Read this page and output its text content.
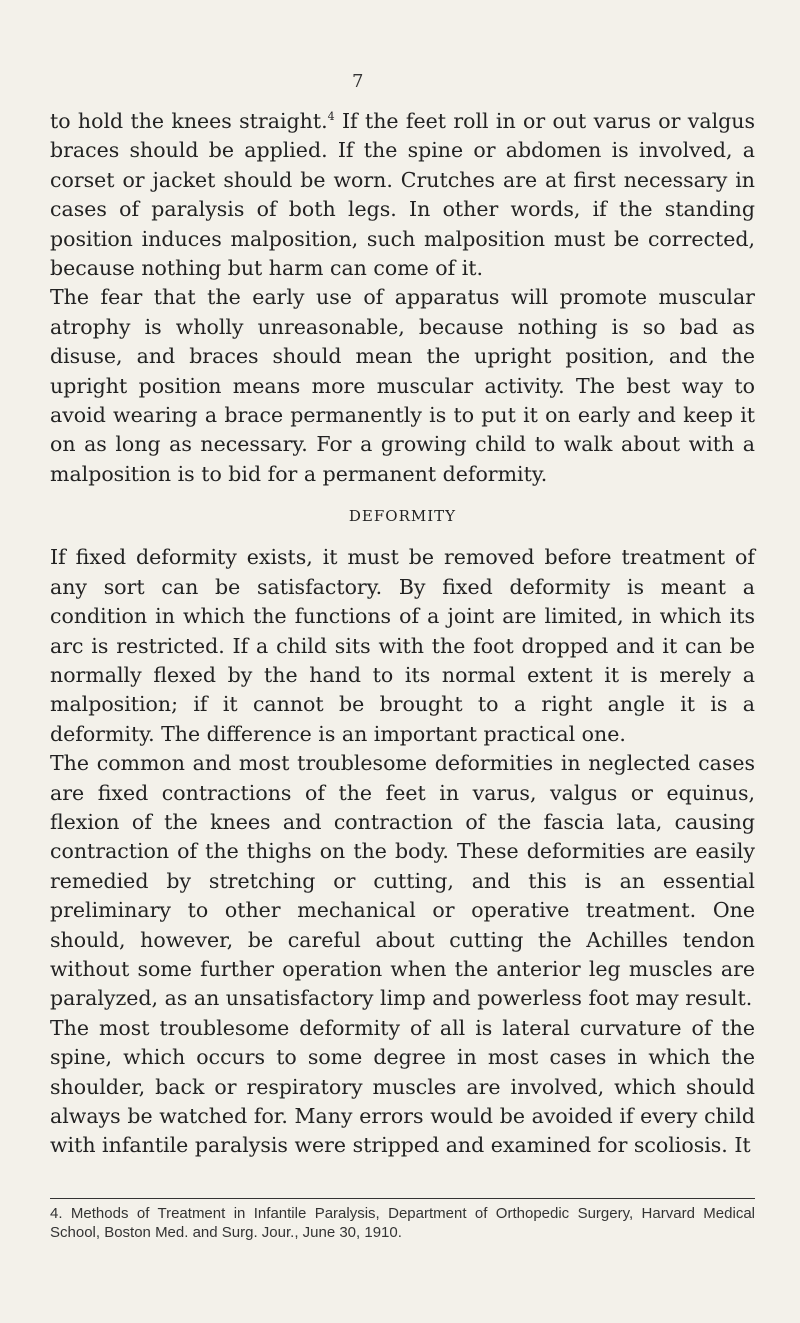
7

to hold the knees straight.$^4$ If the feet roll in or out varus or valgus braces should be applied. If the spine or abdomen is involved, a corset or jacket should be worn. Crutches are at first necessary in cases of paralysis of both legs. In other words, if the standing position induces malposition, such malposition must be corrected, because nothing but harm can come of it.

The fear that the early use of apparatus will promote muscular atrophy is wholly unreasonable, because nothing is so bad as disuse, and braces should mean the upright position, and the upright position means more muscular activity. The best way to avoid wearing a brace permanently is to put it on early and keep it on as long as necessary. For a growing child to walk about with a malposition is to bid for a permanent deformity.

DEFORMITY

If fixed deformity exists, it must be removed before treatment of any sort can be satisfactory. By fixed deformity is meant a condition in which the functions of a joint are limited, in which its arc is restricted. If a child sits with the foot dropped and it can be normally flexed by the hand to its normal extent it is merely a malposition; if it cannot be brought to a right angle it is a deformity. The difference is an important practical one.

The common and most troublesome deformities in neglected cases are fixed contractions of the feet in varus, valgus or equinus, flexion of the knees and contraction of the fascia lata, causing contraction of the thighs on the body. These deformities are easily remedied by stretching or cutting, and this is an essential preliminary to other mechanical or operative treatment. One should, however, be careful about cutting the Achilles tendon without some further operation when the anterior leg muscles are paralyzed, as an unsatisfactory limp and powerless foot may result.

The most troublesome deformity of all is lateral curvature of the spine, which occurs to some degree in most cases in which the shoulder, back or respiratory muscles are involved, which should always be watched for. Many errors would be avoided if every child with infantile paralysis were stripped and examined for scoliosis. It

4. Methods of Treatment in Infantile Paralysis, Department of Orthopedic Surgery, Harvard Medical School, Boston Med. and Surg. Jour., June 30, 1910.
